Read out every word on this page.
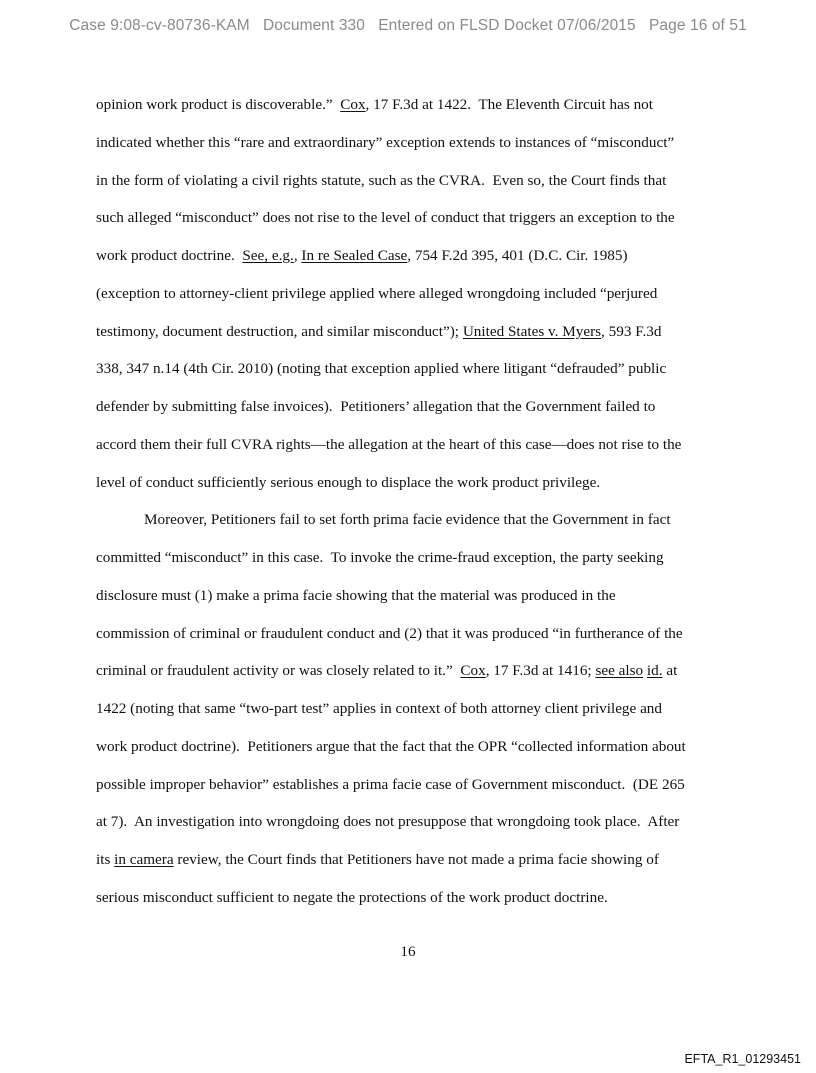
Case 9:08-cv-80736-KAM Document 330 Entered on FLSD Docket 07/06/2015 Page 16 of 51
opinion work product is discoverable.”  Cox, 17 F.3d at 1422.  The Eleventh Circuit has not
indicated whether this “rare and extraordinary” exception extends to instances of “misconduct”
in the form of violating a civil rights statute, such as the CVRA.  Even so, the Court finds that
such alleged “misconduct” does not rise to the level of conduct that triggers an exception to the
work product doctrine.  See, e.g., In re Sealed Case, 754 F.2d 395, 401 (D.C. Cir. 1985)
(exception to attorney-client privilege applied where alleged wrongdoing included “perjured
testimony, document destruction, and similar misconduct”); United States v. Myers, 593 F.3d
338, 347 n.14 (4th Cir. 2010) (noting that exception applied where litigant “defrauded” public
defender by submitting false invoices).  Petitioners’ allegation that the Government failed to
accord them their full CVRA rights—the allegation at the heart of this case—does not rise to the
level of conduct sufficiently serious enough to displace the work product privilege.
Moreover, Petitioners fail to set forth prima facie evidence that the Government in fact
committed “misconduct” in this case.  To invoke the crime-fraud exception, the party seeking
disclosure must (1) make a prima facie showing that the material was produced in the
commission of criminal or fraudulent conduct and (2) that it was produced “in furtherance of the
criminal or fraudulent activity or was closely related to it.”  Cox, 17 F.3d at 1416; see also id. at
1422 (noting that same “two-part test” applies in context of both attorney client privilege and
work product doctrine).  Petitioners argue that the fact that the OPR “collected information about
possible improper behavior” establishes a prima facie case of Government misconduct.  (DE 265
at 7).  An investigation into wrongdoing does not presuppose that wrongdoing took place.  After
its in camera review, the Court finds that Petitioners have not made a prima facie showing of
serious misconduct sufficient to negate the protections of the work product doctrine.
16
EFTA_R1_01293451
